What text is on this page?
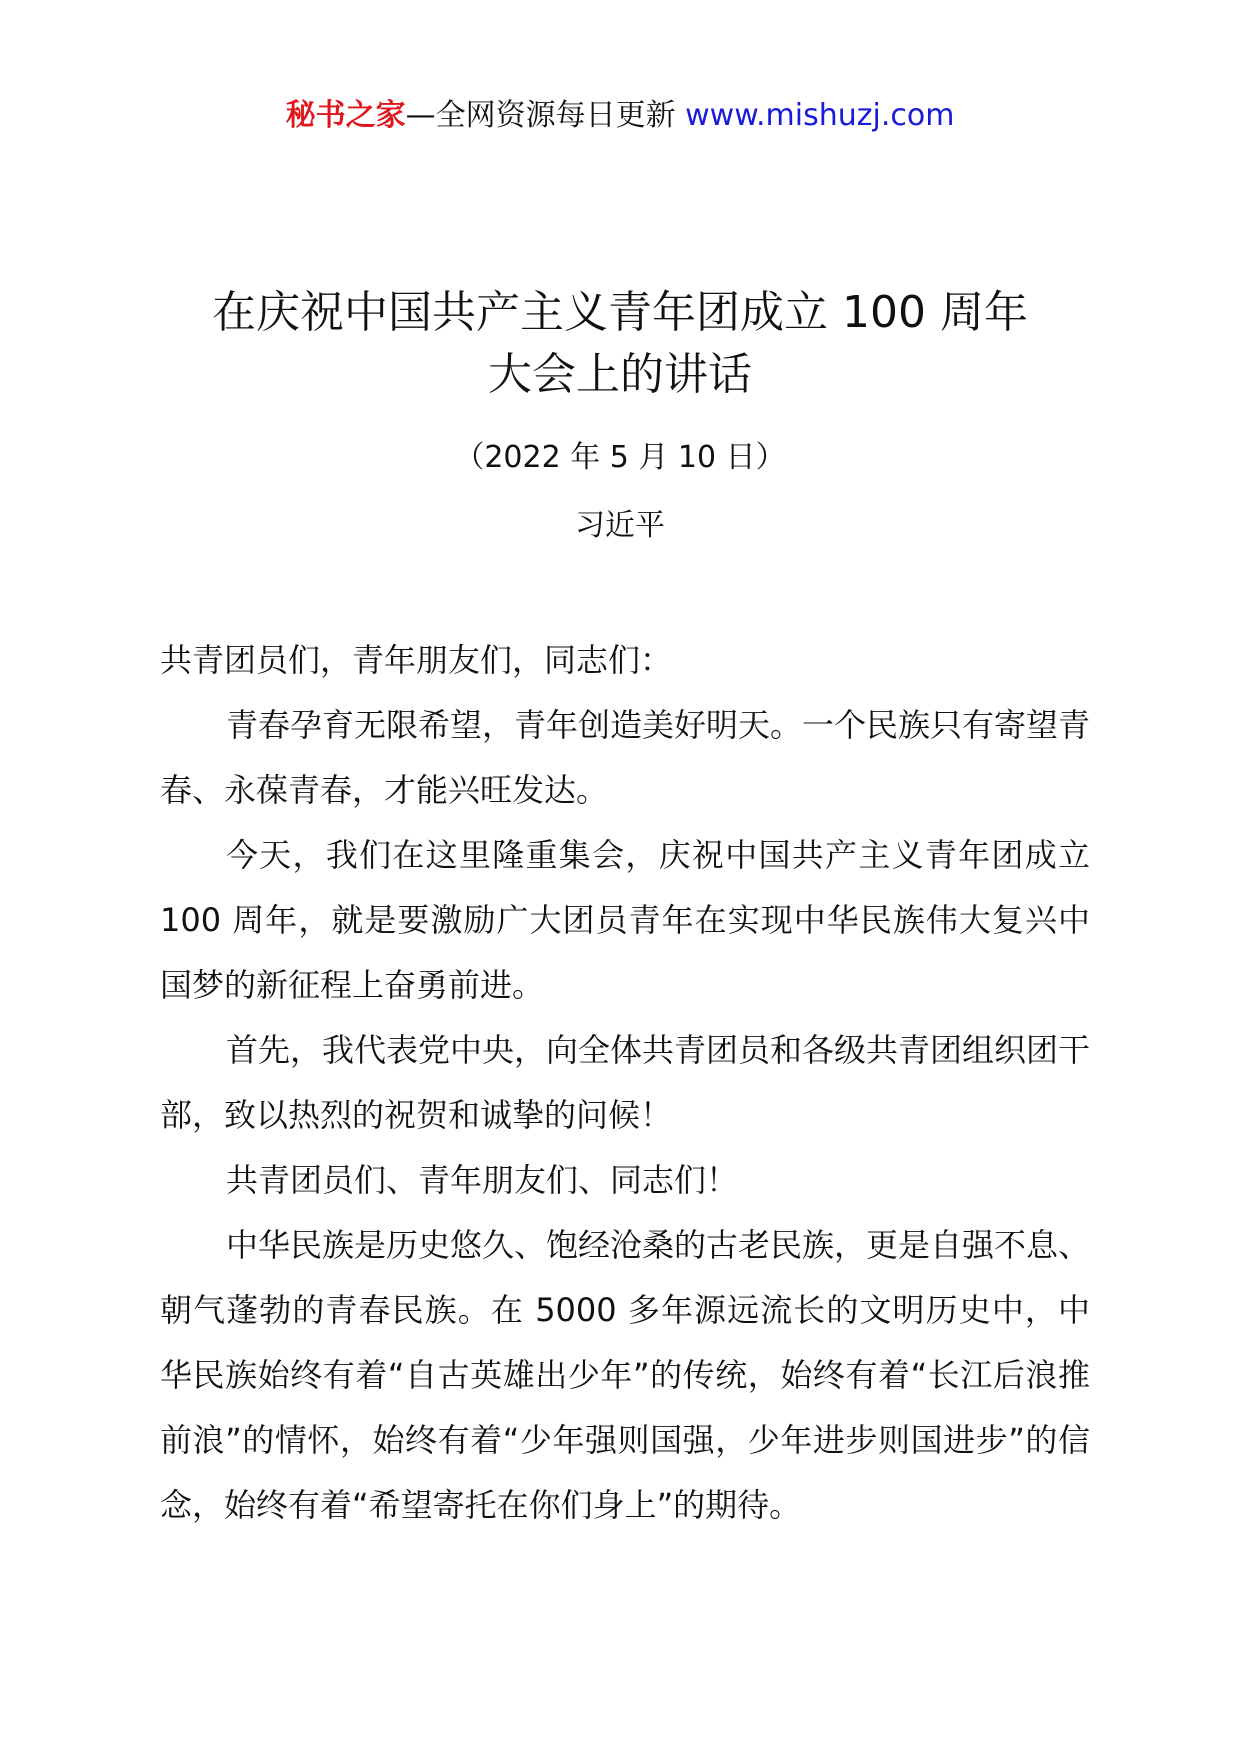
秘书之家—全网资源每日更新 www.mishuzj.com
在庆祝中国共产主义青年团成立 100 周年
大会上的讲话
（2022 年 5 月 10 日）
习近平

共青团员们，青年朋友们，同志们：

青春孕育无限希望，青年创造美好明天。一个民族只有寄望青春、永葆青春，才能兴旺发达。

今天，我们在这里隆重集会，庆祝中国共产主义青年团成立 100 周年，就是要激励广大团员青年在实现中华民族伟大复兴中国梦的新征程上奋勇前进。

首先，我代表党中央，向全体共青团员和各级共青团组织团干部，致以热烈的祝贺和诚挚的问候！

共青团员们、青年朋友们、同志们！

中华民族是历史悠久、饱经沧桑的古老民族，更是自强不息、朝气蓬勃的青春民族。在 5000 多年源远流长的文明历史中，中华民族始终有着“自古英雄出少年”的传统，始终有着“长江后浪推前浪”的情怀，始终有着“少年强则国强，少年进步则国进步”的信念，始终有着“希望寄托在你们身上”的期待。
